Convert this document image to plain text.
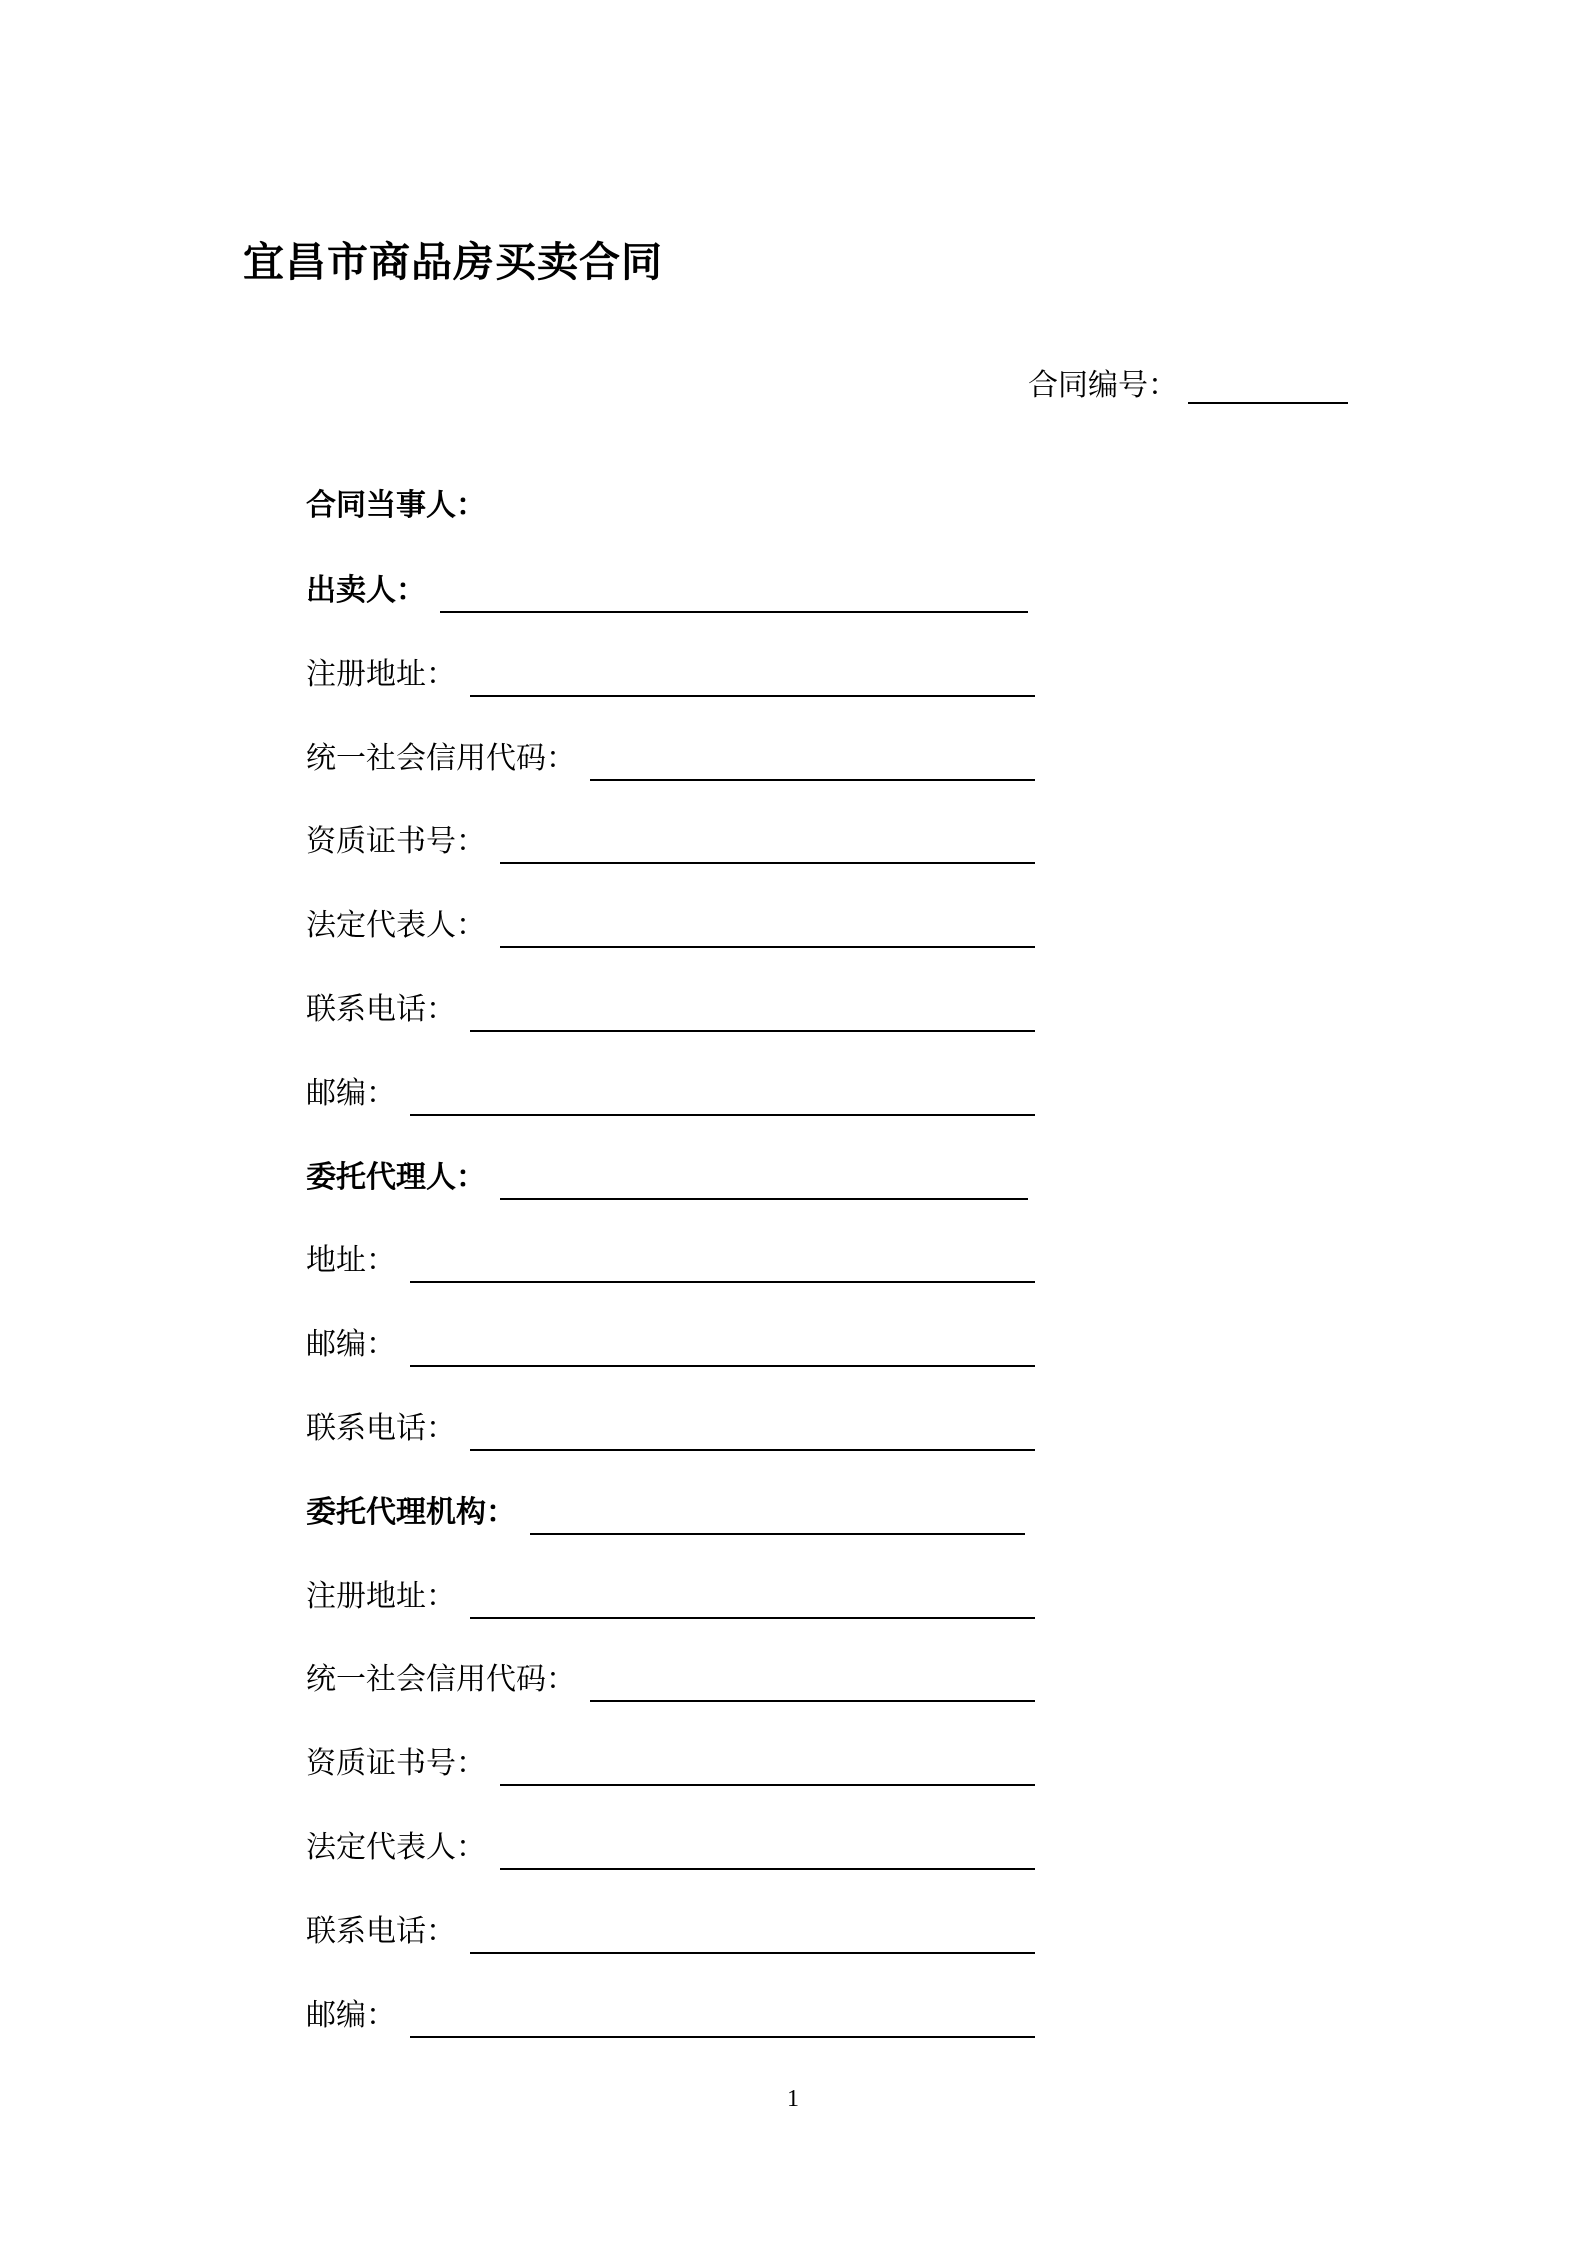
宜昌市商品房买卖合同
合同编号：
合同当事人：
出卖人：
注册地址：
统一社会信用代码：
资质证书号：
法定代表人：
联系电话：
邮编：
委托代理人：
地址：
邮编：
联系电话：
委托代理机构：
注册地址：
统一社会信用代码：
资质证书号：
法定代表人：
联系电话：
邮编：
1
